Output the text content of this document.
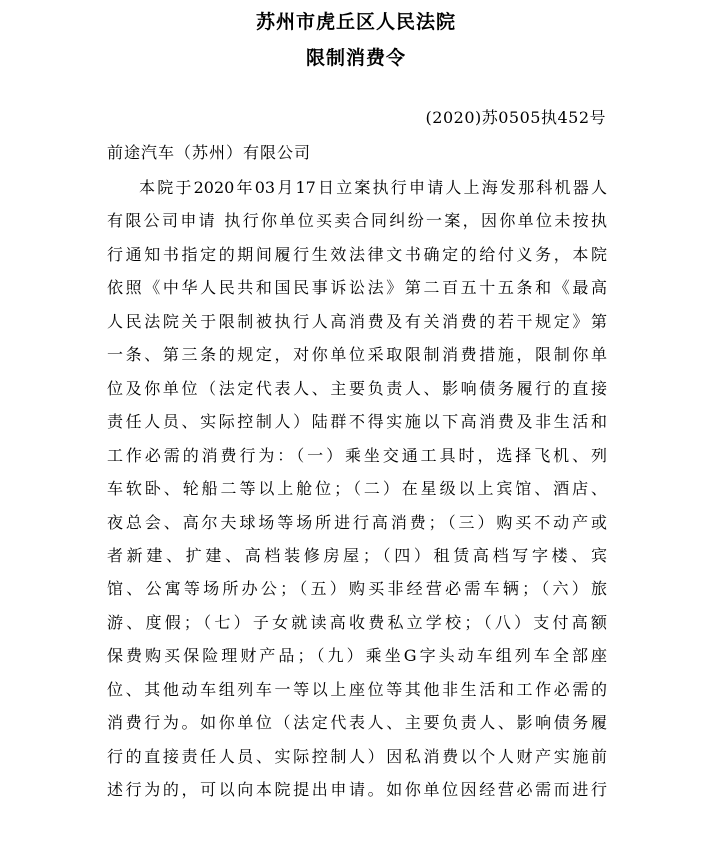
苏州市虎丘区人民法院
限制消费令
(2020)苏0505执452号
前途汽车（苏州）有限公司
本院于2020年03月17日立案执行申请人上海发那科机器人
有限公司申请 执行你单位买卖合同纠纷一案，因你单位未按执
行通知书指定的期间履行生效法律文书确定的给付义务，本院
依照《中华人民共和国民事诉讼法》第二百五十五条和《最高
人民法院关于限制被执行人高消费及有关消费的若干规定》第
一条、第三条的规定，对你单位采取限制消费措施，限制你单
位及你单位（法定代表人、主要负责人、影响债务履行的直接
责任人员、实际控制人）陆群不得实施以下高消费及非生活和
工作必需的消费行为：（一）乘坐交通工具时，选择飞机、列
车软卧、轮船二等以上舱位；（二）在星级以上宾馆、酒店、
夜总会、高尔夫球场等场所进行高消费；（三）购买不动产或
者新建、扩建、高档装修房屋；（四）租赁高档写字楼、宾
馆、公寓等场所办公；（五）购买非经营必需车辆；（六）旅
游、度假；（七）子女就读高收费私立学校；（八）支付高额
保费购买保险理财产品；（九）乘坐G字头动车组列车全部座
位、其他动车组列车一等以上座位等其他非生活和工作必需的
消费行为。如你单位（法定代表人、主要负责人、影响债务履
行的直接责任人员、实际控制人）因私消费以个人财产实施前
述行为的，可以向本院提出申请。如你单位因经营必需而进行
